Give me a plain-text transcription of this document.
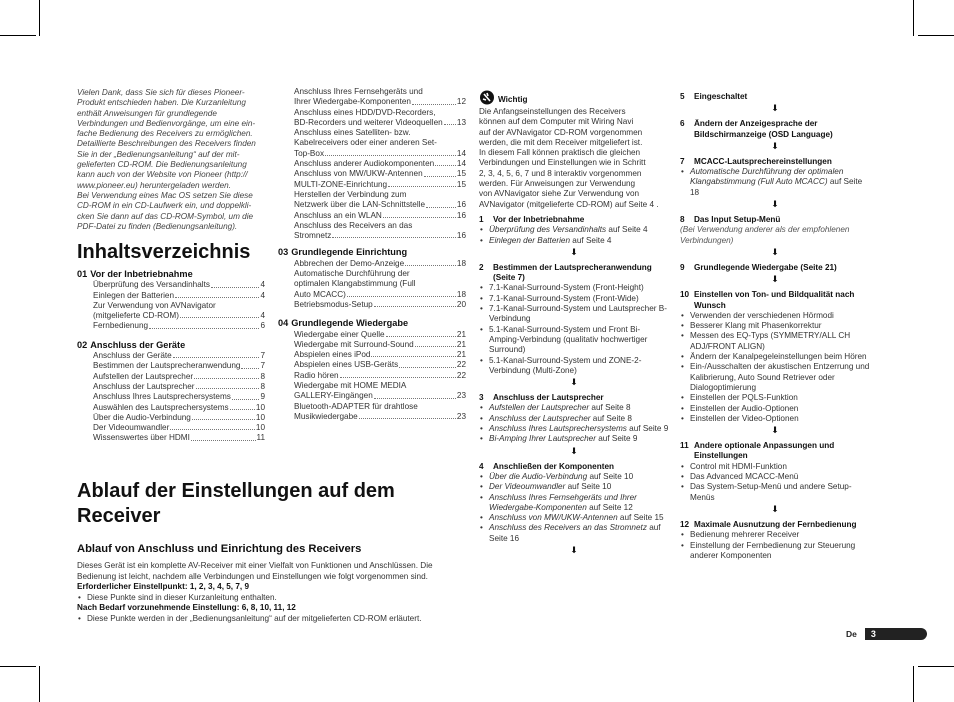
Vielen Dank, dass Sie sich für dieses Pioneer-
Produkt entschieden haben. Die Kurzanleitung
enthält Anweisungen für grundlegende
Verbindungen und Bedienvorgänge, um eine ein-
fache Bedienung des Receivers zu ermöglichen.
Detaillierte Beschreibungen des Receivers finden
Sie in der „Bedienungsanleitung“ auf der mit-
gelieferten CD-ROM. Die Bedienungsanleitung
kann auch von der Website von Pioneer (http://
www.pioneer.eu) heruntergeladen werden.
Bei Verwendung eines Mac OS setzen Sie diese
CD-ROM in ein CD-Laufwerk ein, und doppelklі-
cken Sie dann auf das CD-ROM-Symbol, um die
PDF-Datei zu finden (Bedienungsanleitung).
Inhaltsverzeichnis
01 Vor der Inbetriebnahme
Überprüfung des Versandinhalts	4
Einlegen der Batterien	4
Zur Verwendung von AVNavigator
(mitgelieferte CD-ROM)	4
Fernbedienung	6
02 Anschluss der Geräte
Anschluss der Geräte	7
Bestimmen der Lautsprecheranwendung 7
Aufstellen der Lautsprecher	8
Anschluss der Lautsprecher	8
Anschluss Ihres Lautsprechersystems	9
Auswählen des Lautsprechersystems	10
Über die Audio-Verbindung	10
Der Videoumwandler	10
Wissenswertes über HDMI	11
Anschluss Ihres Fernsehgeräts und
Ihrer Wiedergabe-Komponenten	12
Anschluss eines HDD/DVD-Recorders,
BD-Recorders und weiterer Videoquellen 13
Anschluss eines Satelliten- bzw.
Kabelreceivers oder einer anderen Set-
Top-Box	14
Anschluss anderer Audiokomponenten	14
Anschluss von MW/UKW-Antennen	15
MULTI-ZONE-Einrichtung	15
Herstellen der Verbindung zum
Netzwerk über die LAN-Schnittstelle	16
Anschluss an ein WLAN	16
Anschluss des Receivers an das
Stromnetz	16
03 Grundlegende Einrichtung
Abbrechen der Demo-Anzeige	18
Automatische Durchführung der
optimalen Klangabstimmung (Full
Auto MCACC)	18
Betriebsmodus-Setup	20
04 Grundlegende Wiedergabe
Wiedergabe einer Quelle	21
Wiedergabe mit Surround-Sound	21
Abspielen eines iPod	21
Abspielen eines USB-Geräts	22
Radio hören	22
Wiedergabe mit HOME MEDIA
GALLERY-Eingängen	23
Bluetooth-ADAPTER für drahtlose
Musikwiedergabe	23
Ablauf der Einstellungen auf dem
Receiver
Ablauf von Anschluss und Einrichtung des Receivers
Dieses Gerät ist ein komplette AV-Receiver mit einer Vielfalt von Funktionen und Anschlüssen. Die
Bedienung ist leicht, nachdem alle Verbindungen und Einstellungen wie folgt vorgenommen sind.
Erforderlicher Einstellpunkt: 1, 2, 3, 4, 5, 7, 9
• Diese Punkte sind in dieser Kurzanleitung enthalten.
Nach Bedarf vorzunehmende Einstellung: 6, 8, 10, 11, 12
• Diese Punkte werden in der „Bedienungsanleitung“ auf der mitgelieferten CD-ROM erläutert.
Wichtig
Die Anfangseinstellungen des Receivers
können auf dem Computer mit Wiring Navi
auf der AVNavigator CD-ROM vorgenommen
werden, die mit dem Receiver mitgeliefert ist.
In diesem Fall können praktisch die gleichen
Verbindungen und Einstellungen wie in Schritt
2, 3, 4, 5, 6, 7 und 8 interaktiv vorgenommen
werden. Für Anweisungen zur Verwendung
von AVNavigator siehe Zur Verwendung von
AVNavigator (mitgelieferte CD-ROM) auf Seite 4 .
1	Vor der Inbetriebnahme
• Überprüfung des Versandinhalts auf Seite 4
• Einlegen der Batterien auf Seite 4
⬇
2	Bestimmen der Lautsprecheranwendung (Seite 7)
• 7.1-Kanal-Surround-System (Front-Height)
• 7.1-Kanal-Surround-System (Front-Wide)
• 7.1-Kanal-Surround-System und Lautsprecher B-Verbindung
• 5.1-Kanal-Surround-System und Front Bi-Amping-Verbindung (qualitativ hochwertiger Surround)
• 5.1-Kanal-Surround-System und ZONE-2-Verbindung (Multi-Zone)
⬇
3	Anschluss der Lautsprecher
• Aufstellen der Lautsprecher auf Seite 8
• Anschluss der Lautsprecher auf Seite 8
• Anschluss Ihres Lautsprechersystems auf Seite 9
• Bi-Amping Ihrer Lautsprecher auf Seite 9
⬇
4	Anschließen der Komponenten
• Über die Audio-Verbindung auf Seite 10
• Der Videoumwandler auf Seite 10
• Anschluss Ihres Fernsehgeräts und Ihrer Wiedergabe-Komponenten auf Seite 12
• Anschluss von MW/UKW-Antennen auf Seite 15
• Anschluss des Receivers an das Stromnetz auf Seite 16
⬇
5	Eingeschaltet
⬇
6	Ändern der Anzeigesprache der Bildschirmanzeige (OSD Language)
⬇
7	MCACC-Lautsprechereinstellungen
• Automatische Durchführung der optimalen Klangabstimmung (Full Auto MCACC) auf Seite 18
⬇
8	Das Input Setup-Menü
(Bei Verwendung anderer als der empfohlenen Verbindungen)
⬇
9	Grundlegende Wiedergabe (Seite 21)
⬇
10 Einstellen von Ton- und Bildqualität nach Wunsch
• Verwenden der verschiedenen Hörmodi
• Besserer Klang mit Phasenkorrektur
• Messen des EQ-Typs (SYMMETRY/ALL CH ADJ/FRONT ALIGN)
• Ändern der Kanalpegeleinstellungen beim Hören
• Ein-/Ausschalten der akustischen Entzerrung und Kalibrierung, Auto Sound Retriever oder Dialogoptimierung
• Einstellen der PQLS-Funktion
• Einstellen der Audio-Optionen
• Einstellen der Video-Optionen
⬇
11 Andere optionale Anpassungen und Einstellungen
• Control mit HDMI-Funktion
• Das Advanced MCACC-Menü
• Das System-Setup-Menü und andere Setup-Menüs
⬇
12 Maximale Ausnutzung der Fernbedienung
• Bedienung mehrerer Receiver
• Einstellung der Fernbedienung zur Steuerung anderer Komponenten
De	3
